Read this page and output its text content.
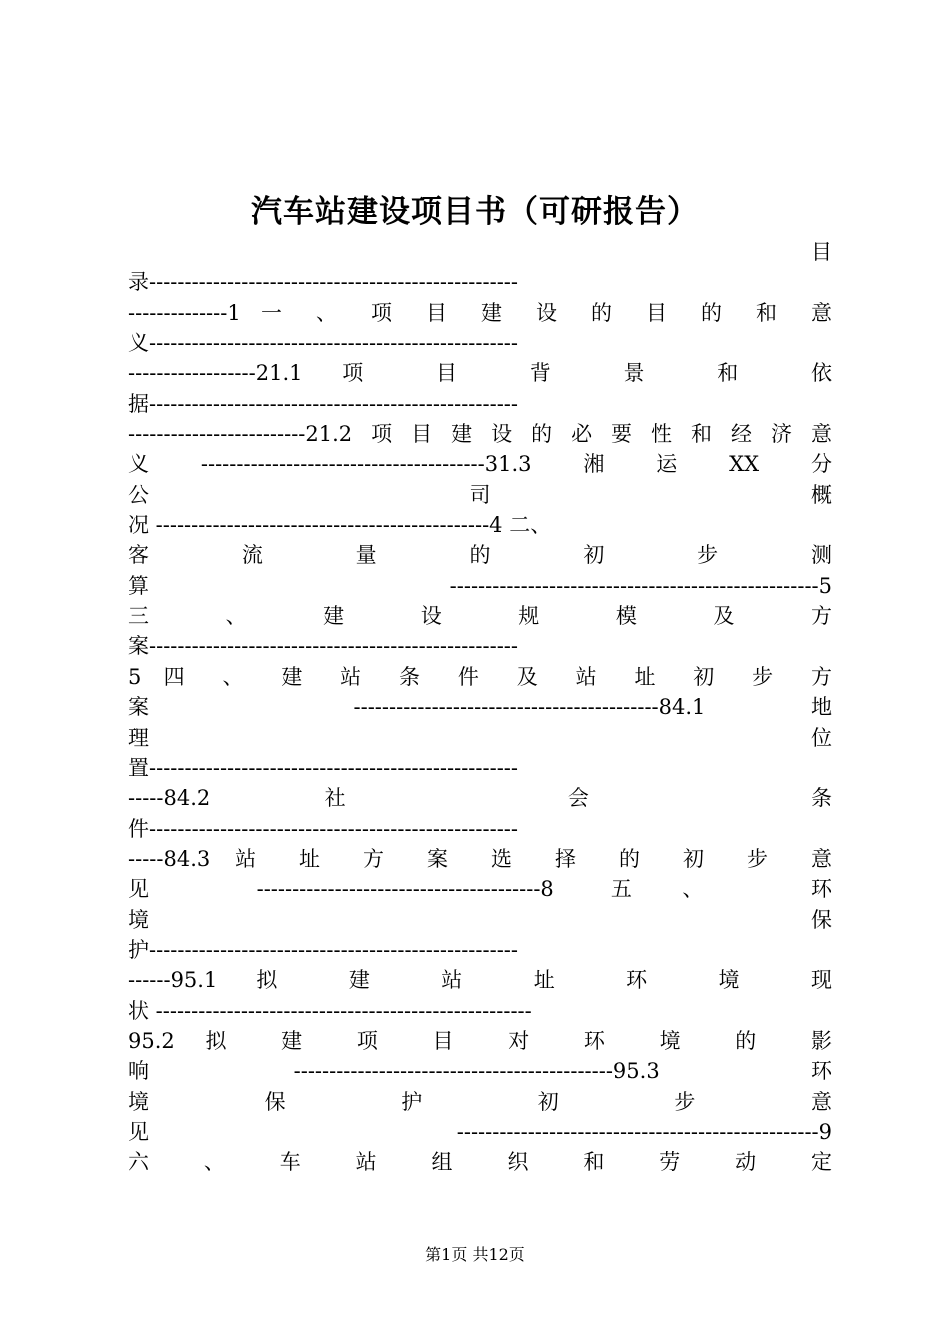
汽车站建设项目书（可研报告）
目
录----------------------------------------------------
--------------1 一 、 项 目 建 设 的 目 的 和 意
义----------------------------------------------------
------------------21.1 项 目 背 景 和 依
据----------------------------------------------------
-------------------------21.2项目建设的必要性和经济意
义----------------------------------------31.3湘运XX分
公 司 概
况 -----------------------------------------------4 二、
客 流 量 的 初 步 测
算 ----------------------------------------------------5
三 、 建 设 规 模 及 方
案----------------------------------------------------
5 四 、 建 站 条 件 及 站 址 初 步 方
案 -------------------------------------------84.1 地
理 位
置----------------------------------------------------
-----84.2 社 会 条
件----------------------------------------------------
-----84.3 站 址 方 案 选 择 的 初 步 意
见 ----------------------------------------8 五、 环
境 保
护----------------------------------------------------
------95.1 拟 建 站 址 环 境 现
状 -----------------------------------------------------
95.2 拟 建 项 目 对 环 境 的 影
响---------------------------------------------95.3 环
境 保 护 初 步 意
见 ---------------------------------------------------9
六 、 车 站 组 织 和 劳 动 定
第1页 共12页
